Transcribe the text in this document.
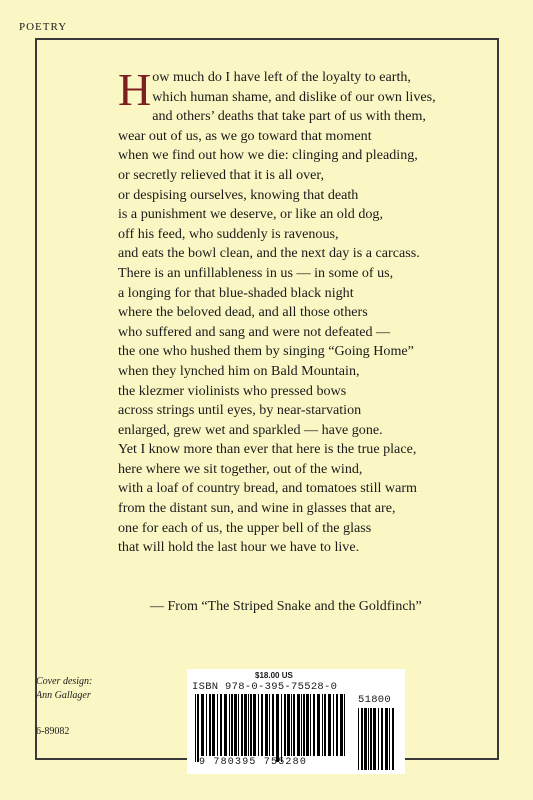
POETRY
How much do I have left of the loyalty to earth,
which human shame, and dislike of our own lives,
and others’ deaths that take part of us with them,
wear out of us, as we go toward that moment
when we find out how we die: clinging and pleading,
or secretly relieved that it is all over,
or despising ourselves, knowing that death
is a punishment we deserve, or like an old dog,
off his feed, who suddenly is ravenous,
and eats the bowl clean, and the next day is a carcass.
There is an unfillableness in us — in some of us,
a longing for that blue-shaded black night
where the beloved dead, and all those others
who suffered and sang and were not defeated —
the one who hushed them by singing “Going Home”
when they lynched him on Bald Mountain,
the klezmer violinists who pressed bows
across strings until eyes, by near-starvation
enlarged, grew wet and sparkled — have gone.
Yet I know more than ever that here is the true place,
here where we sit together, out of the wind,
with a loaf of country bread, and tomatoes still warm
from the distant sun, and wine in glasses that are,
one for each of us, the upper bell of the glass
that will hold the last hour we have to live.
— From “The Striped Snake and the Goldfinch”
Cover design:
Ann Gallager
6-89082
$18.00 US
ISBN 978-0-395-75528-0
51800
9 780395 755280
